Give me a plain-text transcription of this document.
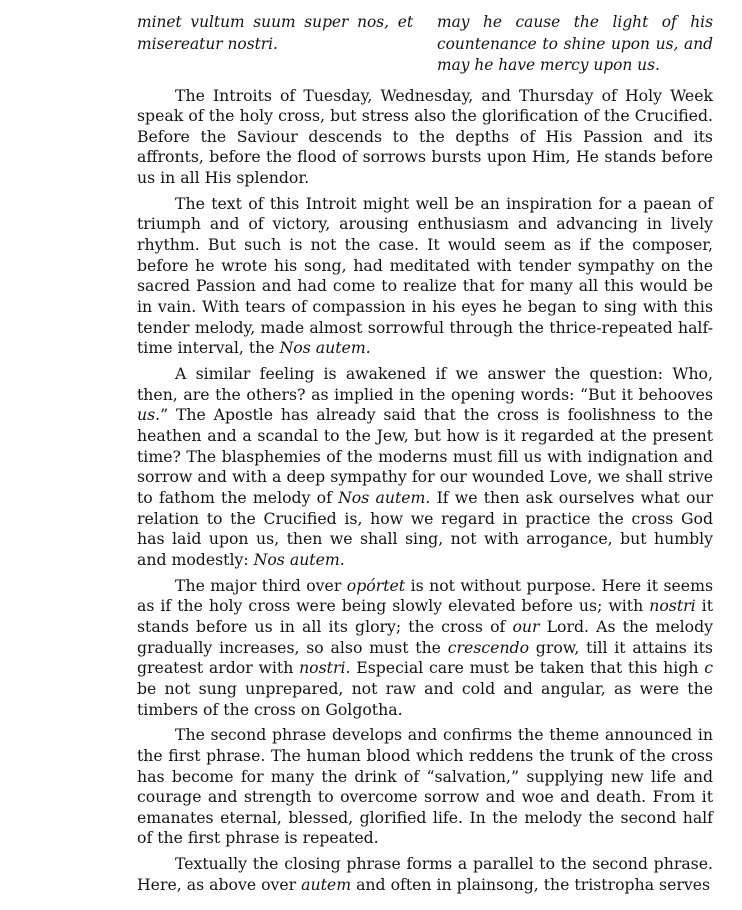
minet vultum suum super nos, et misereatur nostri.
may he cause the light of his countenance to shine upon us, and may he have mercy upon us.

The Introits of Tuesday, Wednesday, and Thursday of Holy Week speak of the holy cross, but stress also the glorification of the Crucified. Before the Saviour descends to the depths of His Passion and its affronts, before the flood of sorrows bursts upon Him, He stands before us in all His splendor.

The text of this Introit might well be an inspiration for a paean of triumph and of victory, arousing enthusiasm and advancing in lively rhythm. But such is not the case. It would seem as if the composer, before he wrote his song, had meditated with tender sympathy on the sacred Passion and had come to realize that for many all this would be in vain. With tears of compassion in his eyes he began to sing with this tender melody, made almost sorrowful through the thrice-repeated half-time interval, the Nos autem.

A similar feeling is awakened if we answer the question: Who, then, are the others? as implied in the opening words: “But it behooves us.” The Apostle has already said that the cross is foolishness to the heathen and a scandal to the Jew, but how is it regarded at the present time? The blasphemies of the moderns must fill us with indignation and sorrow and with a deep sympathy for our wounded Love, we shall strive to fathom the melody of Nos autem. If we then ask ourselves what our relation to the Crucified is, how we regard in practice the cross God has laid upon us, then we shall sing, not with arrogance, but humbly and modestly: Nos autem.

The major third over opórtet is not without purpose. Here it seems as if the holy cross were being slowly elevated before us; with nostri it stands before us in all its glory; the cross of our Lord. As the melody gradually increases, so also must the crescendo grow, till it attains its greatest ardor with nostri. Especial care must be taken that this high c be not sung unprepared, not raw and cold and angular, as were the timbers of the cross on Golgotha.

The second phrase develops and confirms the theme announced in the first phrase. The human blood which reddens the trunk of the cross has become for many the drink of “salvation,” supplying new life and courage and strength to overcome sorrow and woe and death. From it emanates eternal, blessed, glorified life. In the melody the second half of the first phrase is repeated.

Textually the closing phrase forms a parallel to the second phrase. Here, as above over autem and often in plainsong, the tristropha serves
